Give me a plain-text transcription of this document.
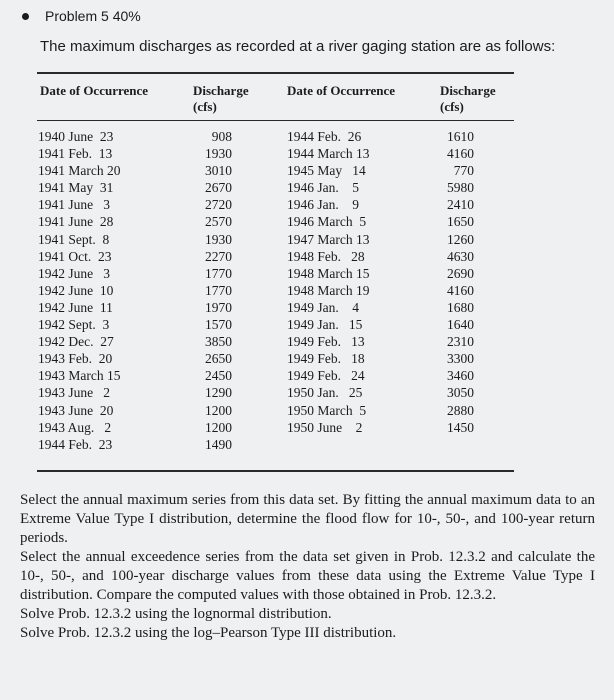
Problem 5 40%
The maximum discharges as recorded at a river gaging station are as follows:
Date of Occurrence	Discharge
(cfs)
Date of Occurrence	Discharge
(cfs)
1940 June  23
1941 Feb.  13
1941 March 20
1941 May  31
1941 June   3
1941 June  28
1941 Sept.  8
1941 Oct.  23
1942 June   3
1942 June  10
1942 June  11
1942 Sept.  3
1942 Dec.  27
1943 Feb.  20
1943 March 15
1943 June   2
1943 June  20
1943 Aug.   2
1944 Feb.  23
908
1930
3010
2670
2720
2570
1930
2270
1770
1770
1970
1570
3850
2650
2450
1290
1200
1200
1490
1944 Feb.  26
1944 March 13
1945 May   14
1946 Jan.    5
1946 Jan.    9
1946 March  5
1947 March 13
1948 Feb.   28
1948 March 15
1948 March 19
1949 Jan.    4
1949 Jan.   15
1949 Feb.   13
1949 Feb.   18
1949 Feb.   24
1950 Jan.   25
1950 March  5
1950 June    2
1610
4160
770
5980
2410
1650
1260
4630
2690
4160
1680
1640
2310
3300
3460
3050
2880
1450

Select the annual maximum series from this data set. By fitting the annual maximum data to an Extreme Value Type I distribution, determine the flood flow for 10-, 50-, and 100-year return periods.

Select the annual exceedence series from the data set given in Prob. 12.3.2 and calculate the 10-, 50-, and 100-year discharge values from these data using the Extreme Value Type I distribution. Compare the computed values with those obtained in Prob. 12.3.2.

Solve Prob. 12.3.2 using the lognormal distribution.

Solve Prob. 12.3.2 using the log–Pearson Type III distribution.
